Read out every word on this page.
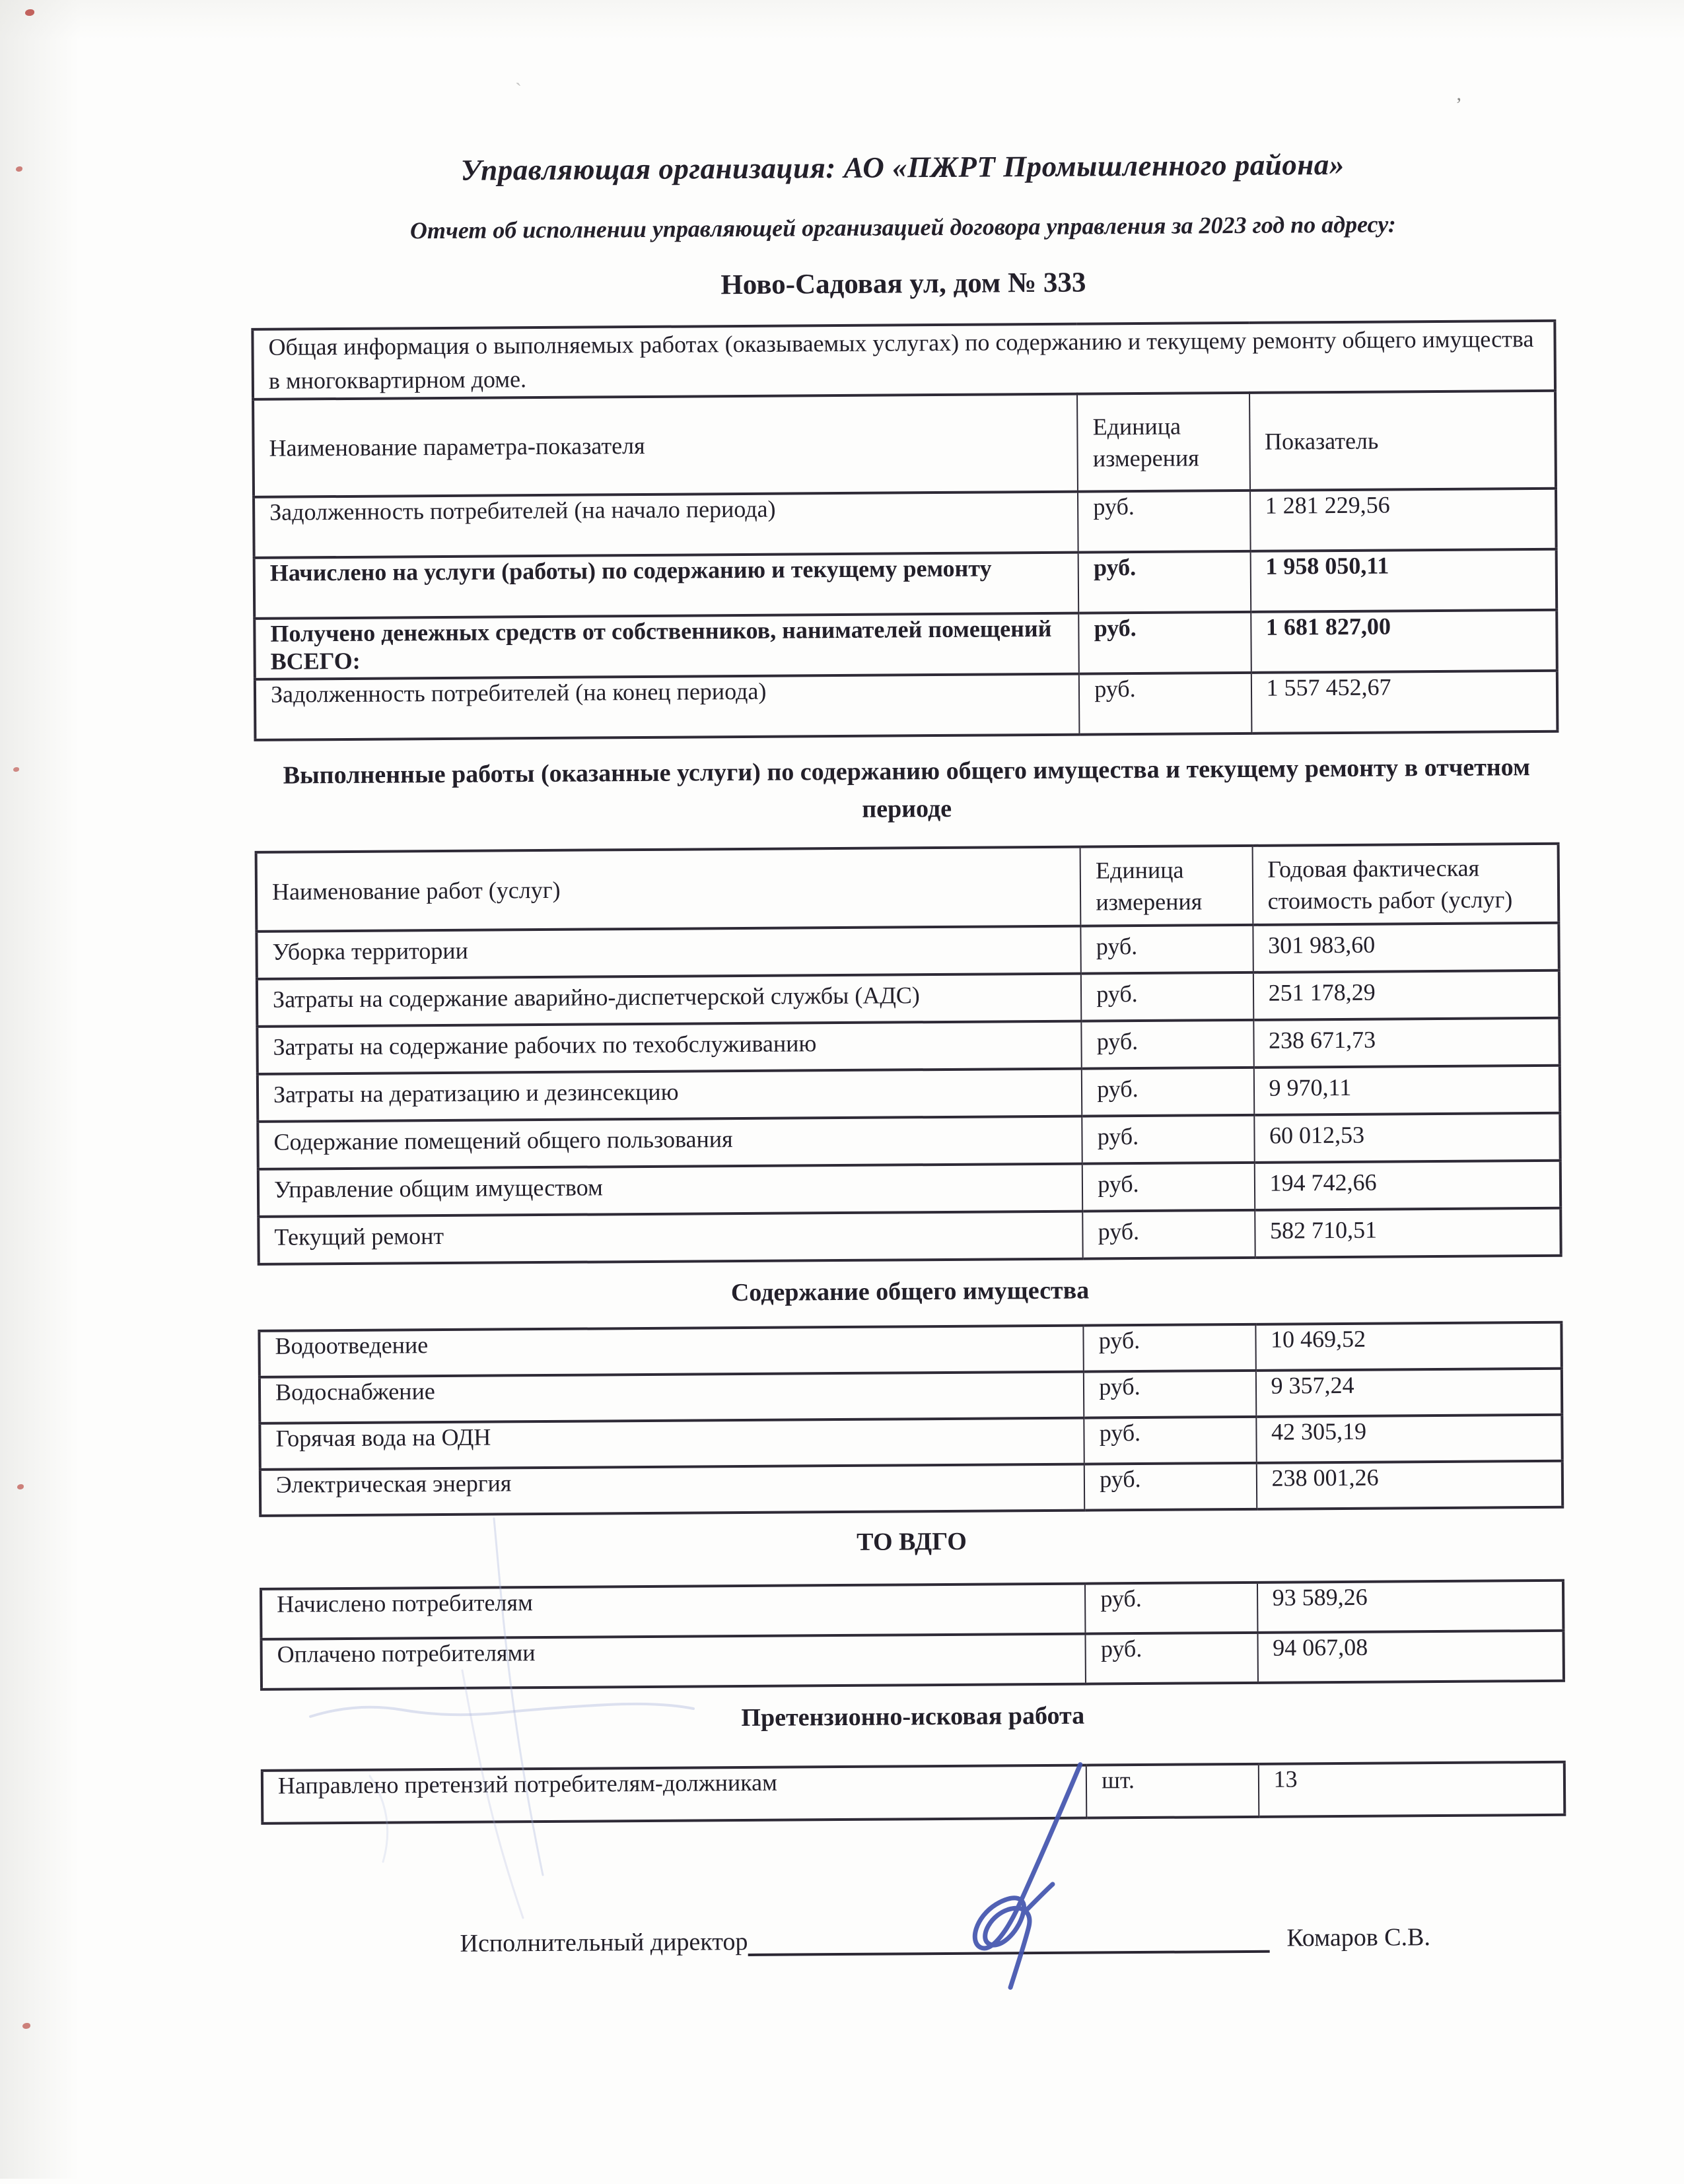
Управляющая организация: АО «ПЖРТ Промышленного района»
Отчет об исполнении управляющей организацией договора управления за 2023 год по адресу:
Ново-Садовая ул, дом № 333
Общая информация о выполняемых работах (оказываемых услугах) по содержанию и текущему ремонту общего имущества в многоквартирном доме.		
Наименование параметра-показателя	Единица измерения	Показатель
Задолженность потребителей (на начало периода)	руб.	1 281 229,56
Начислено на услуги (работы) по содержанию и текущему ремонту	руб.	1 958 050,11
Получено денежных средств от собственников, нанимателей помещений ВСЕГО:	руб.	1 681 827,00
Задолженность потребителей (на конец периода)	руб.	1 557 452,67
Выполненные работы (оказанные услуги) по содержанию общего имущества и текущему ремонту в отчетном периоде
Наименование работ (услуг)	Единица измерения	Годовая фактическая стоимость работ (услуг)
Уборка территории	руб.	301 983,60
Затраты на содержание аварийно-диспетчерской службы (АДС)	руб.	251 178,29
Затраты на содержание рабочих по техобслуживанию	руб.	238 671,73
Затраты на дератизацию и дезинсекцию	руб.	9 970,11
Содержание помещений общего пользования	руб.	60 012,53
Управление общим имуществом	руб.	194 742,66
Текущий ремонт	руб.	582 710,51
Содержание общего имущества
Водоотведение	руб.	10 469,52
Водоснабжение	руб.	9 357,24
Горячая вода на ОДН	руб.	42 305,19
Электрическая энергия	руб.	238 001,26
ТО ВДГО
Начислено потребителям	руб.	93 589,26
Оплачено потребителями	руб.	94 067,08
Претензионно-исковая работа
Направлено претензий потребителям-должникам	шт.	13
Исполнительный директор	Комаров С.В.
’
`
